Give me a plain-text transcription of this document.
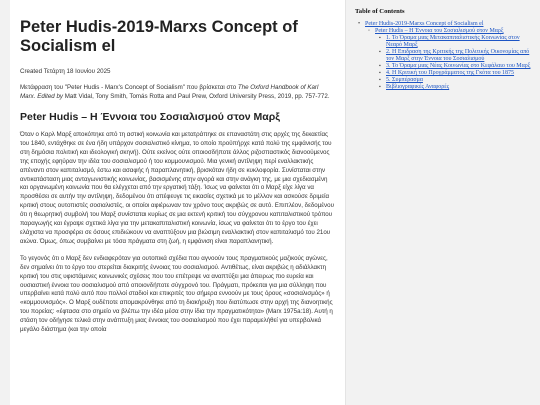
Peter Hudis-2019-Marxs Concept of Socialism el
Created Τετάρτη 18 Ιουνίου 2025
Μετάφραση του "Peter Hudis - Marx's Concept of Socialism" που βρίσκεται στο The Oxford Handbook of Karl Marx. Edited by Matt Vidal, Tony Smith, Tomás Rotta and Paul Prew, Oxford University Press, 2019, pp. 757-772.
Peter Hudis – Η Έννοια του Σοσιαλισμού στον Μαρξ

Όταν ο Καρλ Μαρξ αποκόπηκε από τη αστική κοινωνία και μετατράπηκε σε επαναστάτη στις αρχές της δεκαετίας του 1840, εντάχθηκε σε ένα ήδη υπάρχον σοσιαλιστικό κίνημα, το οποίο προϋπήρχε κατά πολύ της εμφάνισής του στη δημόσια πολιτική και ιδεολογική σκηνή). Ούτε εκείνος ούτε οποιοσδήποτε άλλος ριζοσπαστικός διανοούμενος της εποχής εφηύραν την ιδέα του σοσιαλισμού ή του κομμουνισμού. Μια γενική αντίληψη περί εναλλακτικής απέναντι στον καπιταλισμό, έστω και ασαφής ή παραπλανητική, βρισκόταν ήδη σε κυκλοφορία. Συνίσταται στην αντικατάσταση μιας ανταγωνιστικής κοινωνίας, βασισμένης στην αγορά και στην ανάγκη της, με μια σχεδιασμένη και οργανωμένη κοινωνία που θα ελέγχεται από την εργατική τάξη. Ίσως να φαίνεται ότι ο Μαρξ είχε λίγα να προσθέσει σε αυτήν την αντίληψη, δεδομένου ότι απέφευγε τις εικασίες σχετικά με το μέλλον και ασκούσε δριμεία κριτική στους ουτοπιστές σοσιαλιστές, οι οποίοι αφιέρωναν τον χρόνο τους ακριβώς σε αυτό. Επιπλέον, δεδομένου ότι η θεωρητική συμβολή του Μαρξ συνίσταται κυρίως σε μια εκτενή κριτική του σύγχρονου καπιταλιστικού τρόπου παραγωγής και έγραψε σχετικά λίγα για την μετακαπιταλιστική κοινωνία, ίσως να φαίνεται ότι το έργο του έχει ελάχιστα να προσφέρει σε όσους επιδιώκουν να αναπτύξουν μια βιώσιμη εναλλακτική στον καπιταλισμό του 21ου αιώνα. Όμως, όπως συμβαίνει με τόσα πράγματα στη ζωή, η εμφάνιση είναι παραπλανητική.

Το γεγονός ότι ο Μαρξ δεν ενδιαφερόταν για ουτοπικά σχέδια που αγνοούν τους πραγματικούς μαζικούς αγώνες, δεν σημαίνει ότι το έργο του στερείται διακριτής έννοιας του σοσιαλισμού. Αντιθέτως, είναι ακριβώς η αδιάλλακτη κριτική του στις υφιστάμενες κοινωνικές σχέσεις που του επέτρεψε να αναπτύξει μια άπειρως πιο ευρεία και ουσιαστική έννοια του σοσιαλισμού από οποιονδήποτε σύγχρονό του. Πράγματι, πρόκειται για μια σύλληψη που υπερβαίνει κατά πολύ αυτό που πολλοί σταδιοί και επικριτές του σήμερα εννοούν με τους όρους «σοσιαλισμός» ή «κομμουνισμός». Ο Μαρξ ουδέποτε απομακρύνθηκε από τη διακήρυξη που διατύπωσε στην αρχή της διανοητικής του πορείας: «έφτασα στο σημείο να βλέπω την ιδέα μέσα στην ίδια την πραγματικότητα» (Marx 1975a:18). Αυτή η στάση τον οδήγησε τελικά στην ανάπτυξη μιας έννοιας του σοσιαλισμού που έχει παραμελήθεί για υπερβολικά μεγάλο διάστημα (και την οποία

Table of Contents
• Peter Hudis-2019-Marxs Concept of Socialism el
◦ Peter Hudis – Η Έννοια του Σοσιαλισμού στον Μαρξ
▪ 1. Το Όραμα μιας Μετακαπιταλιστικής Κοινωνίας στον Νεαρό Μαρξ
▪ 2. Η Επιδραση της Κριτικής της Πολιτικής Οικονομίας από τον Μαρξ στην Έννοια του Σοσιαλισμού
▪ 3. Το Όραμα μιας Νέας Κοινωνίας στο Κεφάλαιο του Μαρξ
▪ 4. Η Κριτική του Προγράμματος της Γκότα του 1875
▪ 5. Συμπέρασμα
▪ Βιβλιογραφικές Αναφορές
